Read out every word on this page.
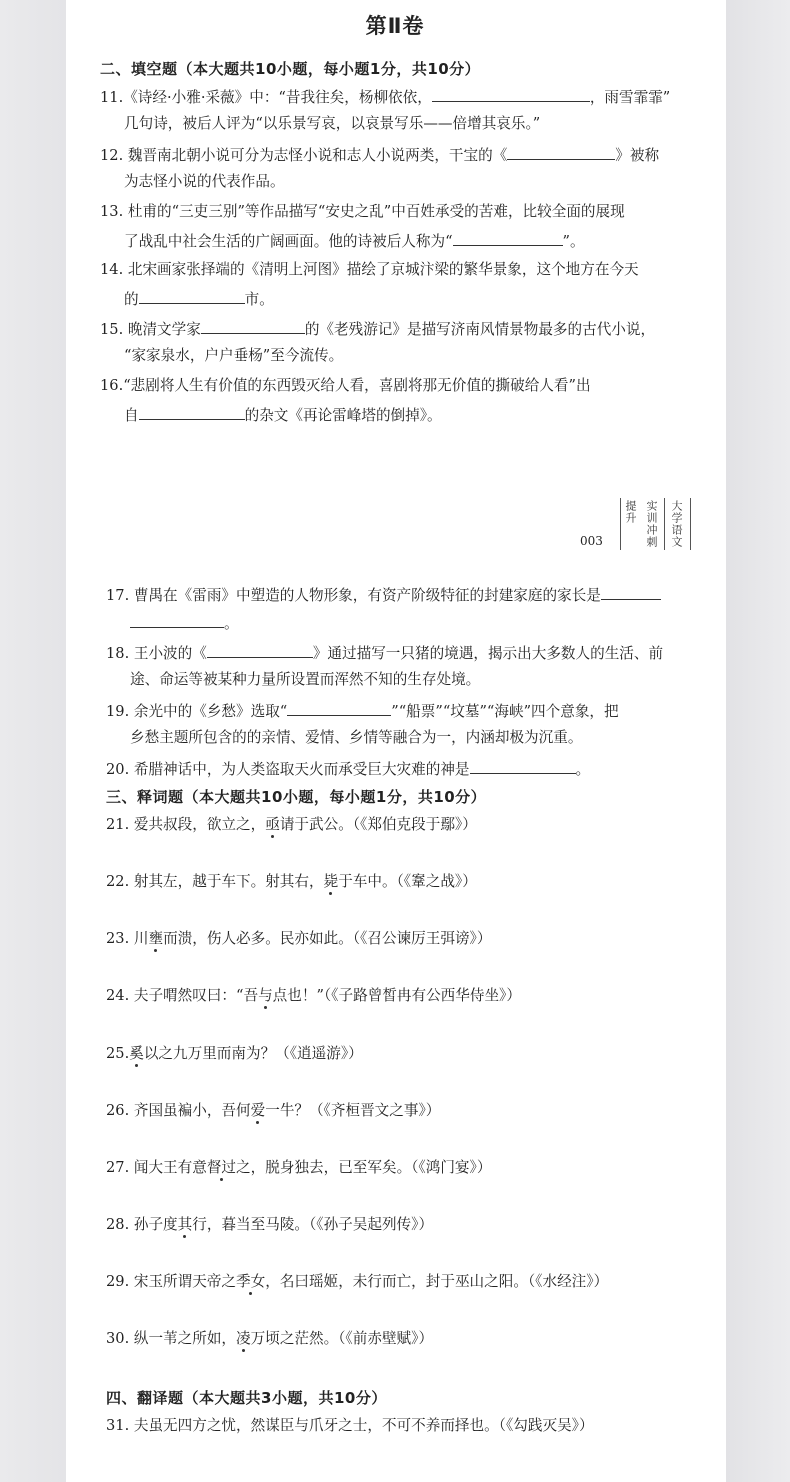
第Ⅱ卷
二、填空题（本大题共10小题，每小题1分，共10分）
11.《诗经·小雅·采薇》中：“昔我往矣，杨柳依依，	，雨雪霏霏”
几句诗，被后人评为“以乐景写哀，以哀景写乐——倍增其哀乐。”
12. 魏晋南北朝小说可分为志怪小说和志人小说两类，干宝的《	》被称
为志怪小说的代表作品。
13. 杜甫的“三吏三别”等作品描写“安史之乱”中百姓承受的苦难，比较全面的展现
了战乱中社会生活的广阔画面。他的诗被后人称为“	”。
14. 北宋画家张择端的《清明上河图》描绘了京城汴梁的繁华景象，这个地方在今天
的	市。
15. 晚清文学家	的《老残游记》是描写济南风情景物最多的古代小说，
“家家泉水，户户垂杨”至今流传。
16.“悲剧将人生有价值的东西毁灭给人看，喜剧将那无价值的撕破给人看”出
自	的杂文《再论雷峰塔的倒掉》。
003
提升 实训冲刺 大学语文
17. 曹禺在《雷雨》中塑造的人物形象，有资产阶级特征的封建家庭的家长是
。
18. 王小波的《	》通过描写一只猪的境遇，揭示出大多数人的生活、前
途、命运等被某种力量所设置而浑然不知的生存处境。
19. 余光中的《乡愁》选取“	”“船票”“坟墓”“海峡”四个意象，把
乡愁主题所包含的的亲情、爱情、乡情等融合为一，内涵却极为沉重。
20. 希腊神话中，为人类盗取天火而承受巨大灾难的神是	。
三、释词题（本大题共10小题，每小题1分，共10分）
21. 爱共叔段，欲立之，亟请于武公。（《郑伯克段于鄢》）
22. 射其左，越于车下。射其右，毙于车中。（《鞌之战》）
23. 川壅而溃，伤人必多。民亦如此。（《召公谏厉王弭谤》）
24. 夫子喟然叹曰：“吾与点也！”（《子路曾皙冉有公西华侍坐》）
25.奚以之九万里而南为？（《逍遥游》）
26. 齐国虽褊小，吾何爱一牛？（《齐桓晋文之事》）
27. 闻大王有意督过之，脱身独去，已至军矣。（《鸿门宴》）
28. 孙子度其行，暮当至马陵。（《孙子吴起列传》）
29. 宋玉所谓天帝之季女，名曰瑶姬，未行而亡，封于巫山之阳。（《水经注》）
30. 纵一苇之所如，凌万顷之茫然。（《前赤壁赋》）
四、翻译题（本大题共3小题，共10分）
31. 夫虽无四方之忧，然谋臣与爪牙之士，不可不养而择也。（《勾践灭吴》）
